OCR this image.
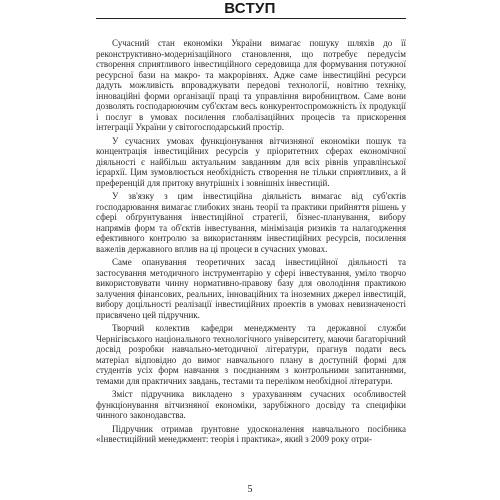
ВСТУП

Сучасний стан економіки України вимагає пошуку шляхів до її реконструктивно-модернізаційного становлення, що потребує передусім створення сприятливого інвестиційного середовища для формування потужної ресурсної бази на макро- та макрорівнях. Адже саме інвестиційні ресурси дадуть можливість впроваджувати передові технології, новітню техніку, інноваційні форми організації праці та управління виробництвом. Саме вони дозволять господарюючим суб'єктам весь конкурентоспроможність їх продукції і послуг в умовах посилення глобалізаційних процесів та прискорення інтеграції України у світогосподарський простір.

У сучасних умовах функціонування вітчизняної економіки пошук та концентрація інвестиційних ресурсів у пріоритетних сферах економічної діяльності є найбільш актуальним завданням для всіх рівнів управлінської ієрархії. Цим зумовлюється необхідність створення не тільки сприятливих, а й преференцій для притоку внутрішніх і зовнішніх інвестицій.

У зв'язку з цим інвестиційна діяльність вимагає від суб'єктів господарювання вимагає глибоких знань теорії та практики прийняття рішень у сфері обґрунтування інвестиційної стратегії, бізнес-планування, вибору напрямів форм та об'єктів інвестування, мінімізація ризиків та налагодження ефективного контролю за використанням інвестиційних ресурсів, посилення важелів державного вплив на ці процеси в сучасних умовах.

Саме опанування теоретичних засад інвестиційної діяльності та застосування методичного інструментарію у сфері інвестування, уміло творчо використовувати чинну нормативно-правову базу для оволодіння практикою залучення фінансових, реальних, інноваційних та іноземних джерел інвестицій, вибору доцільності реалізації інвестиційних проектів в умовах невизначеності присвячено цей підручник.

Творчий колектив кафедри менеджменту та державної служби Чернігівського національного технологічного університету, маючи багаторічний досвід розробки навчально-методичної літератури, прагнув подати весь матеріал відповідно до вимог навчального плану в доступній формі для студентів усіх форм навчання з поєднанням з контрольними запитаннями, темами для практичних завдань, тестами та переліком необхідної літератури.

Зміст підручника викладено з урахуванням сучасних особливостей функціонування вітчизняної економіки, зарубіжного досвіду та специфіки чинного законодавства.

Підручник отримав ґрунтовне удосконалення навчального посібника «Інвестиційний менеджмент: теорія і практика», який з 2009 року отри-

5
